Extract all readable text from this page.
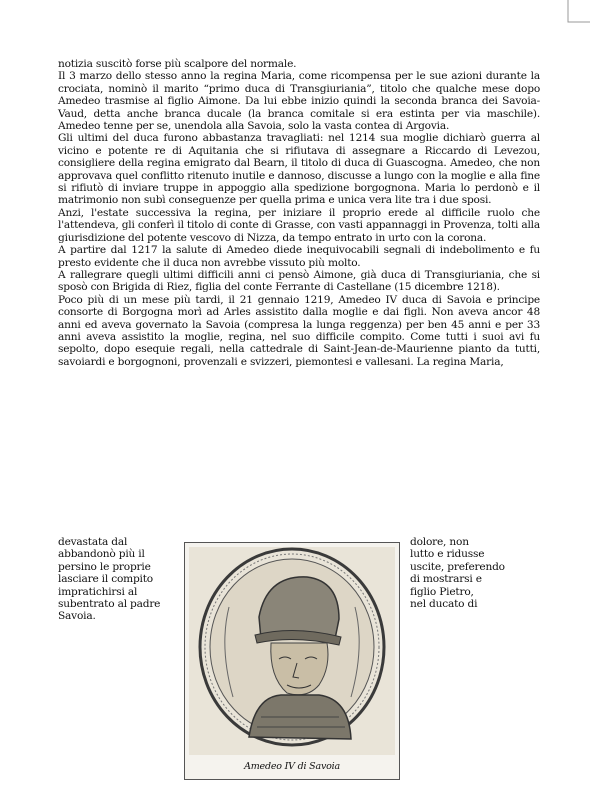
notizia suscitò forse più scalpore del normale.

Il 3 marzo dello stesso anno la regina Maria, come ricompensa per le sue azioni durante la crociata, nominò il marito “primo duca di Transgiuriania”, titolo che qualche mese dopo Amedeo trasmise al figlio Aimone. Da lui ebbe inizio quindi la seconda branca dei Savoia-Vaud, detta anche branca ducale (la branca comitale si era estinta per via maschile). Amedeo tenne per se, unendola alla Savoia, solo la vasta contea di Argovia.

Gli ultimi del duca furono abbastanza travagliati: nel 1214 sua moglie dichiarò guerra al vicino e potente re di Aquitania che si rifiutava di assegnare a Riccardo di Levezou, consigliere della regina emigrato dal Bearn, il titolo di duca di Guascogna. Amedeo, che non approvava quel conflitto ritenuto inutile e dannoso, discusse a lungo con la moglie e alla fine si rifiutò di inviare truppe in appoggio alla spedizione borgognona. Maria lo perdonò e il matrimonio non subì conseguenze per quella prima e unica vera lite tra i due sposi.

Anzi, l'estate successiva la regina, per iniziare il proprio erede al difficile ruolo che l'attendeva, gli conferì il titolo di conte di Grasse, con vasti appannaggi in Provenza, tolti alla giurisdizione del potente vescovo di Nizza, da tempo entrato in urto con la corona.

A partire dal 1217 la salute di Amedeo diede inequivocabili segnali di indebolimento e fu presto evidente che il duca non avrebbe vissuto più molto.

A rallegrare quegli ultimi difficili anni ci pensò Aimone, già duca di Transgiuriania, che si sposò con Brigida di Riez, figlia del conte Ferrante di Castellane (15 dicembre 1218).

Poco più di un mese più tardi, il 21 gennaio 1219, Amedeo IV duca di Savoia e principe consorte di Borgogna morì ad Arles assistito dalla moglie e dai figli. Non aveva ancor 48 anni ed aveva governato la Savoia (compresa la lunga reggenza) per ben 45 anni e per 33 anni aveva assistito la moglie, regina, nel suo difficile compito. Come tutti i suoi avi fu sepolto, dopo esequie regali, nella cattedrale di Saint-Jean-de-Maurienne pianto da tutti, savoiardi e borgognoni, provenzali e svizzeri, piemontesi e vallesani. La regina Maria,

devastata dal
abbandonò più il
persino le proprie
lasciare il compito
impratichirsi al
subentrato al padre
Savoia.
Amedeo IV di Savoia
dolore, non
lutto e ridusse
uscite, preferendo
di mostrarsi e
figlio Pietro,
nel ducato di
